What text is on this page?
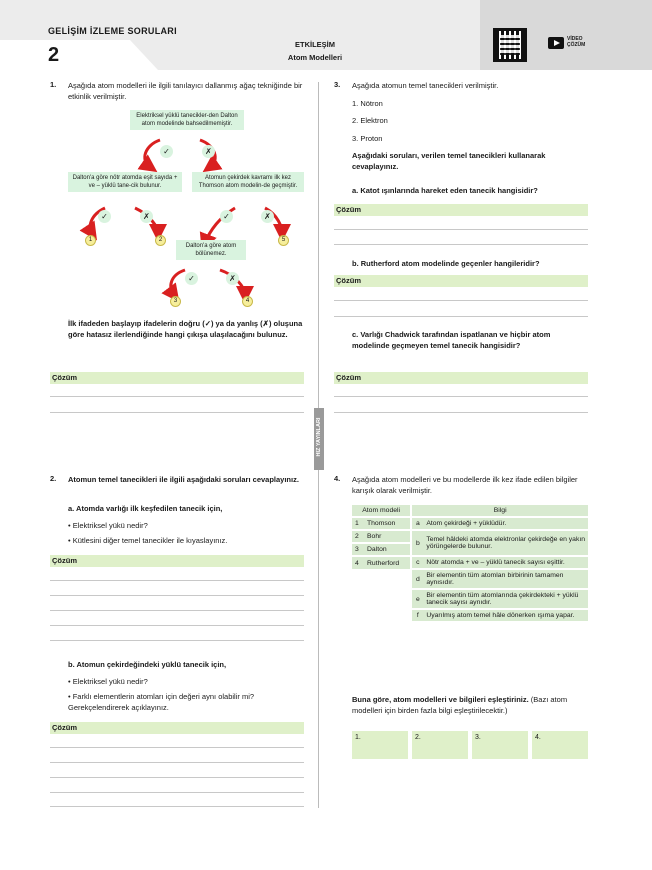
GELİŞİM İZLEME SORULARI
2	ETKİLEŞİM
Atom Modelleri
VİDEO
ÇÖZÜM
HIZ YAYINLARI
1. Aşağıda atom modelleri ile ilgili tanılayıcı dallanmış ağaç tekniğinde bir etkinlik verilmiştir.
Elektriksel yüklü tanecikler-den Dalton atom modelinde bahsedilmemiştir.
✓	✗
Dalton'a göre nötr atomda eşit sayıda + ve – yüklü tane-cik bulunur.
Atomun çekirdek kavramı ilk kez Thomson atom modelin-de geçmiştir.
✓	✗	✓	✗
1	2	5
Dalton'a göre atom bölünemez.
✓	✗
3	4
İlk ifadeden başlayıp ifadelerin doğru (✓) ya da yanlış (✗) oluşuna göre hatasız ilerlendiğinde hangi çıkışa ulaşılacağını bulunuz.
Çözüm
2. Atomun temel tanecikleri ile ilgili aşağıdaki soruları cevaplayınız.
a. Atomda varlığı ilk keşfedilen tanecik için,
• Elektriksel yükü nedir?
• Kütlesini diğer temel tanecikler ile kıyaslayınız.
Çözüm
b. Atomun çekirdeğindeki yüklü tanecik için,
• Elektriksel yükü nedir?
• Farklı elementlerin atomları için değeri aynı olabilir mi? Gerekçelendirerek açıklayınız.
Çözüm
3. Aşağıda atomun temel tanecikleri verilmiştir.
1. Nötron
2. Elektron
3. Proton
Aşağıdaki soruları, verilen temel tanecikleri kullanarak cevaplayınız.
a. Katot ışınlarında hareket eden tanecik hangisidir?
Çözüm
b. Rutherford atom modelinde geçenler hangileridir?
Çözüm
c. Varlığı Chadwick tarafından ispatlanan ve hiçbir atom modelinde geçmeyen temel tanecik hangisidir?
Çözüm
4. Aşağıda atom modelleri ve bu modellerde ilk kez ifade edilen bilgiler karışık olarak verilmiştir.
Atom modeli		Bilgi	
1	Thomson	a	Atom çekirdeği + yüklüdür.
2	Bohr	b	Temel hâldeki atomda elektronlar çekirdeğe en yakın yörüngelerde bulunur.
3	Dalton		
4	Rutherford	c	Nötr atomda + ve – yüklü tanecik sayısı eşittir.
		d	Bir elementin tüm atomları birbirinin tamamen aynısıdır.
		e	Bir elementin tüm atomlarında çekirdekteki + yüklü tanecik sayısı aynıdır.
		f	Uyarılmış atom temel hâle dönerken ışıma yapar.
Buna göre, atom modelleri ve bilgileri eşleştiriniz. (Bazı atom modelleri için birden fazla bilgi eşleştirilecektir.)
1.	2.	3.	4.
